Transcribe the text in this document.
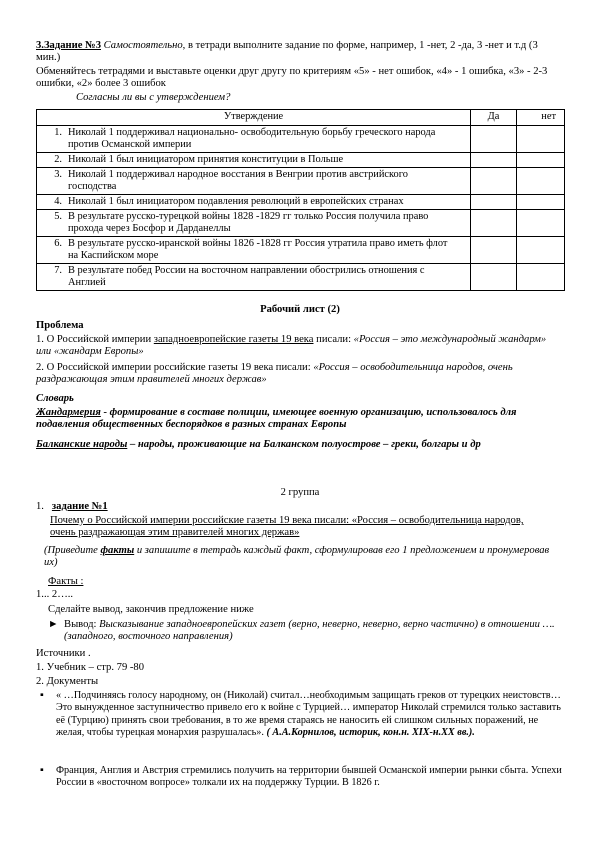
3.Задание №3 Самостоятельно, в тетради выполните задание по форме, например, 1 -нет, 2 -да, 3 -нет и т.д (3 мин.)
Обменяйтесь тетрадями и выставьте оценки друг другу по критериям «5» - нет ошибок, «4» - 1 ошибка, «3» - 2-3 ошибки, «2» более 3 ошибок
Согласны ли вы с утверждением?
Утверждение	Да	нет
1. Николай 1 поддерживал национально- освободительную борьбу греческого народа против Османской империи		
2. Николай 1 был инициатором принятия конституции в Польше		
3. Николай 1 поддерживал народное восстания в Венгрии против австрийского господства		
4. Николай 1 был инициатором подавления революций в европейских странах		
5. В результате русско-турецкой войны 1828 -1829 гг только Россия получила право прохода через Босфор и Дарданеллы		
6. В результате русско-иранской войны 1826 -1828 гг Россия утратила право иметь флот на Каспийском море		
7. В результате побед России на восточном направлении обострились отношения с Англией		
Рабочий лист (2)
Проблема
1. О Российской империи западноевропейские газеты 19 века писали: «Россия – это международный жандарм» или «жандарм Европы»
2. О Российской империи российские газеты 19 века писали: «Россия – освободительница народов, очень раздражающая этим правителей многих держав»
Словарь
Жандармерия - формирование в составе полиции, имеющее военную организацию, использовалось для подавления общественных беспорядков в разных странах Европы
Балканские народы – народы, проживающие на Балканском полуострове – греки, болгары и др
2 группа
1. задание №1
Почему о Российской империи российские газеты 19 века писали: «Россия – освободительница народов, очень раздражающая этим правителей многих держав»
(Приведите факты и запишите в тетрадь каждый факт, сформулировав его 1 предложением и пронумеровав их)
Факты :
1... 2…..
Сделайте вывод, закончив предложение ниже
► Вывод: Высказывание западноевропейских газет (верно, неверно, неверно, верно частично) в отношении ….(западного, восточного направления)
Источники .
1. Учебник – стр. 79 -80
2. Документы
▪	« …Подчиняясь голосу народному, он (Николай) считал…необходимым защищать греков от турецких неистовств… Это вынужденное заступничество привело его к войне с Турцией… император Николай стремился только заставить её (Турцию) принять свои требования, в то же время стараясь не наносить ей слишком сильных поражений, не желая, чтобы турецкая монархия разрушалась». ( А.А.Корнилов, историк, кон.н. XIX-н.XX вв.).
▪	Франция, Англия и Австрия стремились получить на территории бывшей Османской империи рынки сбыта. Успехи России в «восточном вопросе» толкали их на поддержку Турции. В 1826 г.
